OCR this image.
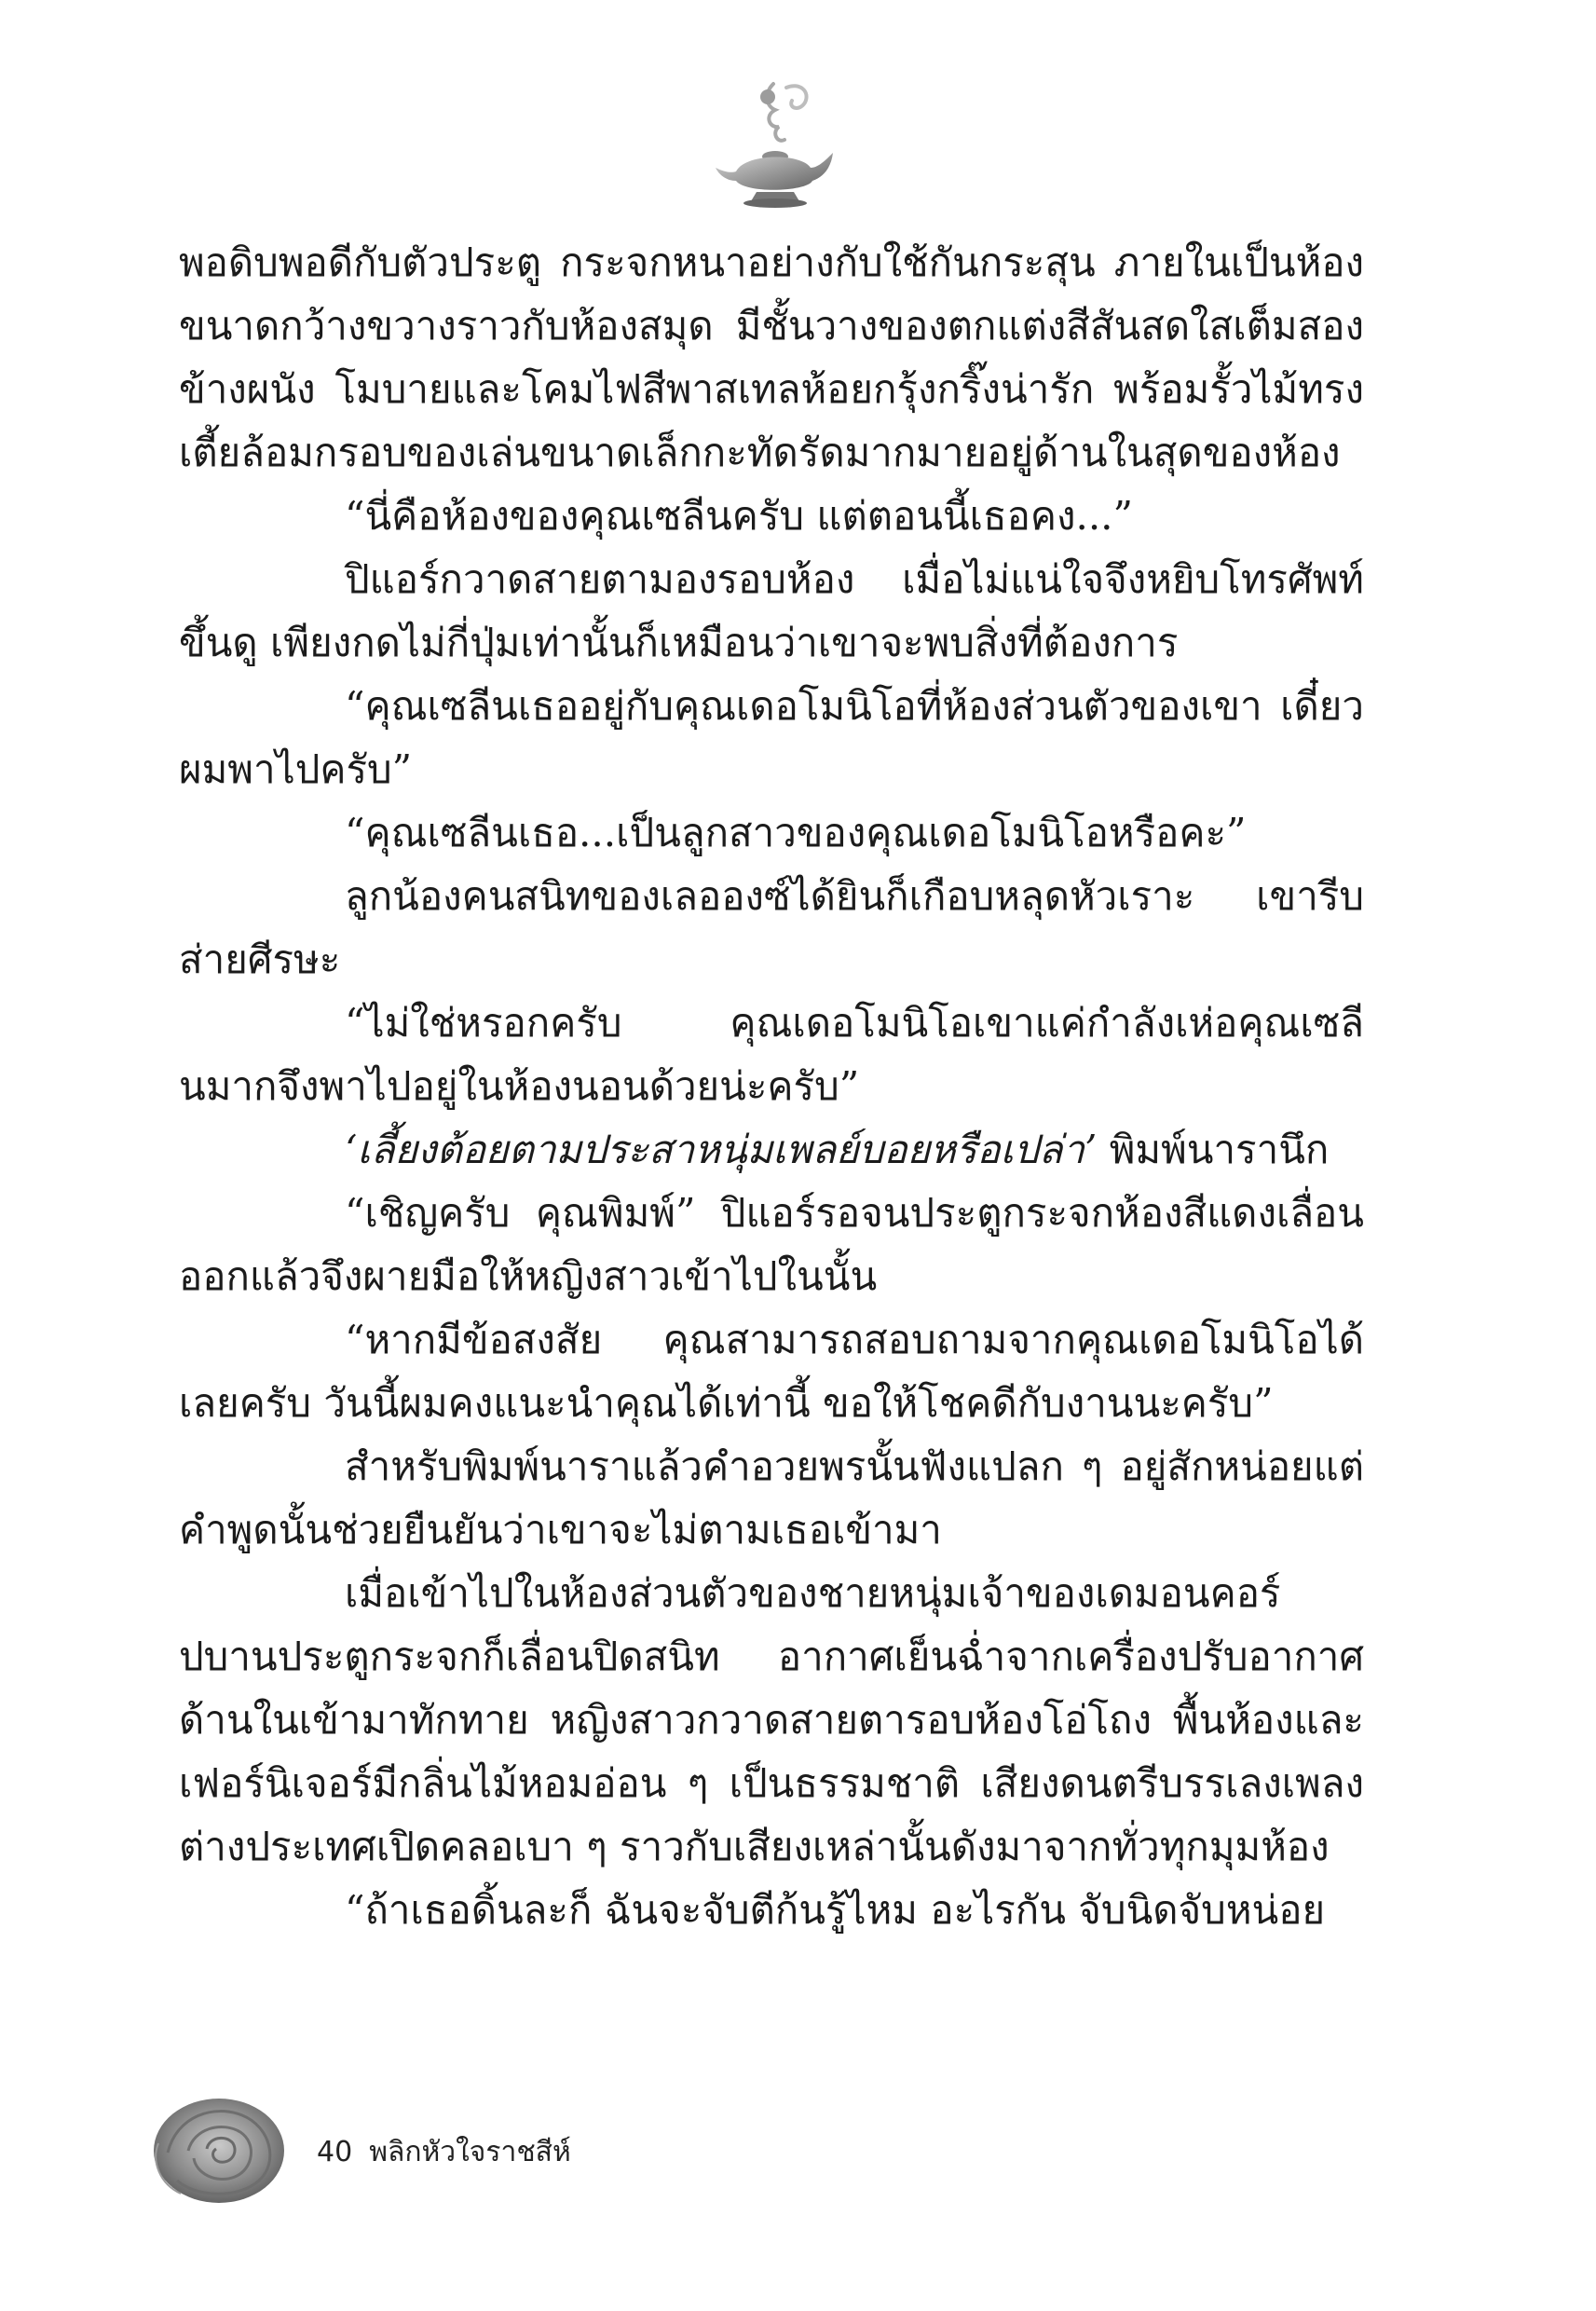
พอดิบพอดีกับตัวประตู กระจกหนาอย่างกับใช้กันกระสุน ภายในเป็นห้องขนาดกว้างขวางราวกับห้องสมุด มีชั้นวางของตกแต่งสีสันสดใสเต็มสองข้างผนัง โมบายและโคมไฟสีพาสเทลห้อยกรุ้งกริ๊งน่ารัก พร้อมรั้วไม้ทรงเตี้ยล้อมกรอบของเล่นขนาดเล็กกะทัดรัดมากมายอยู่ด้านในสุดของห้อง

“นี่คือห้องของคุณเซลีนครับ แต่ตอนนี้เธอคง...”

ปิแอร์กวาดสายตามองรอบห้อง เมื่อไม่แน่ใจจึงหยิบโทรศัพท์ขึ้นดู เพียงกดไม่กี่ปุ่มเท่านั้นก็เหมือนว่าเขาจะพบสิ่งที่ต้องการ

“คุณเซลีนเธออยู่กับคุณเดอโมนิโอที่ห้องส่วนตัวของเขา เดี๋ยวผมพาไปครับ”

“คุณเซลีนเธอ...เป็นลูกสาวของคุณเดอโมนิโอหรือคะ”

ลูกน้องคนสนิทของเลอองซ์ได้ยินก็เกือบหลุดหัวเราะ เขารีบส่ายศีรษะ

“ไม่ใช่หรอกครับ คุณเดอโมนิโอเขาแค่กำลังเห่อคุณเซลีนมากจึงพาไปอยู่ในห้องนอนด้วยน่ะครับ”

‘เลี้ยงต้อยตามประสาหนุ่มเพลย์บอยหรือเปล่า’ พิมพ์นารานึก

“เชิญครับ คุณพิมพ์” ปิแอร์รอจนประตูกระจกห้องสีแดงเลื่อนออกแล้วจึงผายมือให้หญิงสาวเข้าไปในนั้น

“หากมีข้อสงสัย คุณสามารถสอบถามจากคุณเดอโมนิโอได้เลยครับ วันนี้ผมคงแนะนำคุณได้เท่านี้ ขอให้โชคดีกับงานนะครับ”

สำหรับพิมพ์นาราแล้วคำอวยพรนั้นฟังแปลก ๆ อยู่สักหน่อยแต่คำพูดนั้นช่วยยืนยันว่าเขาจะไม่ตามเธอเข้ามา

เมื่อเข้าไปในห้องส่วนตัวของชายหนุ่มเจ้าของเดมอนคอร์ปบานประตูกระจกก็เลื่อนปิดสนิท อากาศเย็นฉ่ำจากเครื่องปรับอากาศด้านในเข้ามาทักทาย หญิงสาวกวาดสายตารอบห้องโอ่โถง พื้นห้องและเฟอร์นิเจอร์มีกลิ่นไม้หอมอ่อน ๆ เป็นธรรมชาติ เสียงดนตรีบรรเลงเพลงต่างประเทศเปิดคลอเบา ๆ ราวกับเสียงเหล่านั้นดังมาจากทั่วทุกมุมห้อง

“ถ้าเธอดิ้นละก็ ฉันจะจับตีก้นรู้ไหม อะไรกัน จับนิดจับหน่อย

40 พลิกหัวใจราชสีห์
